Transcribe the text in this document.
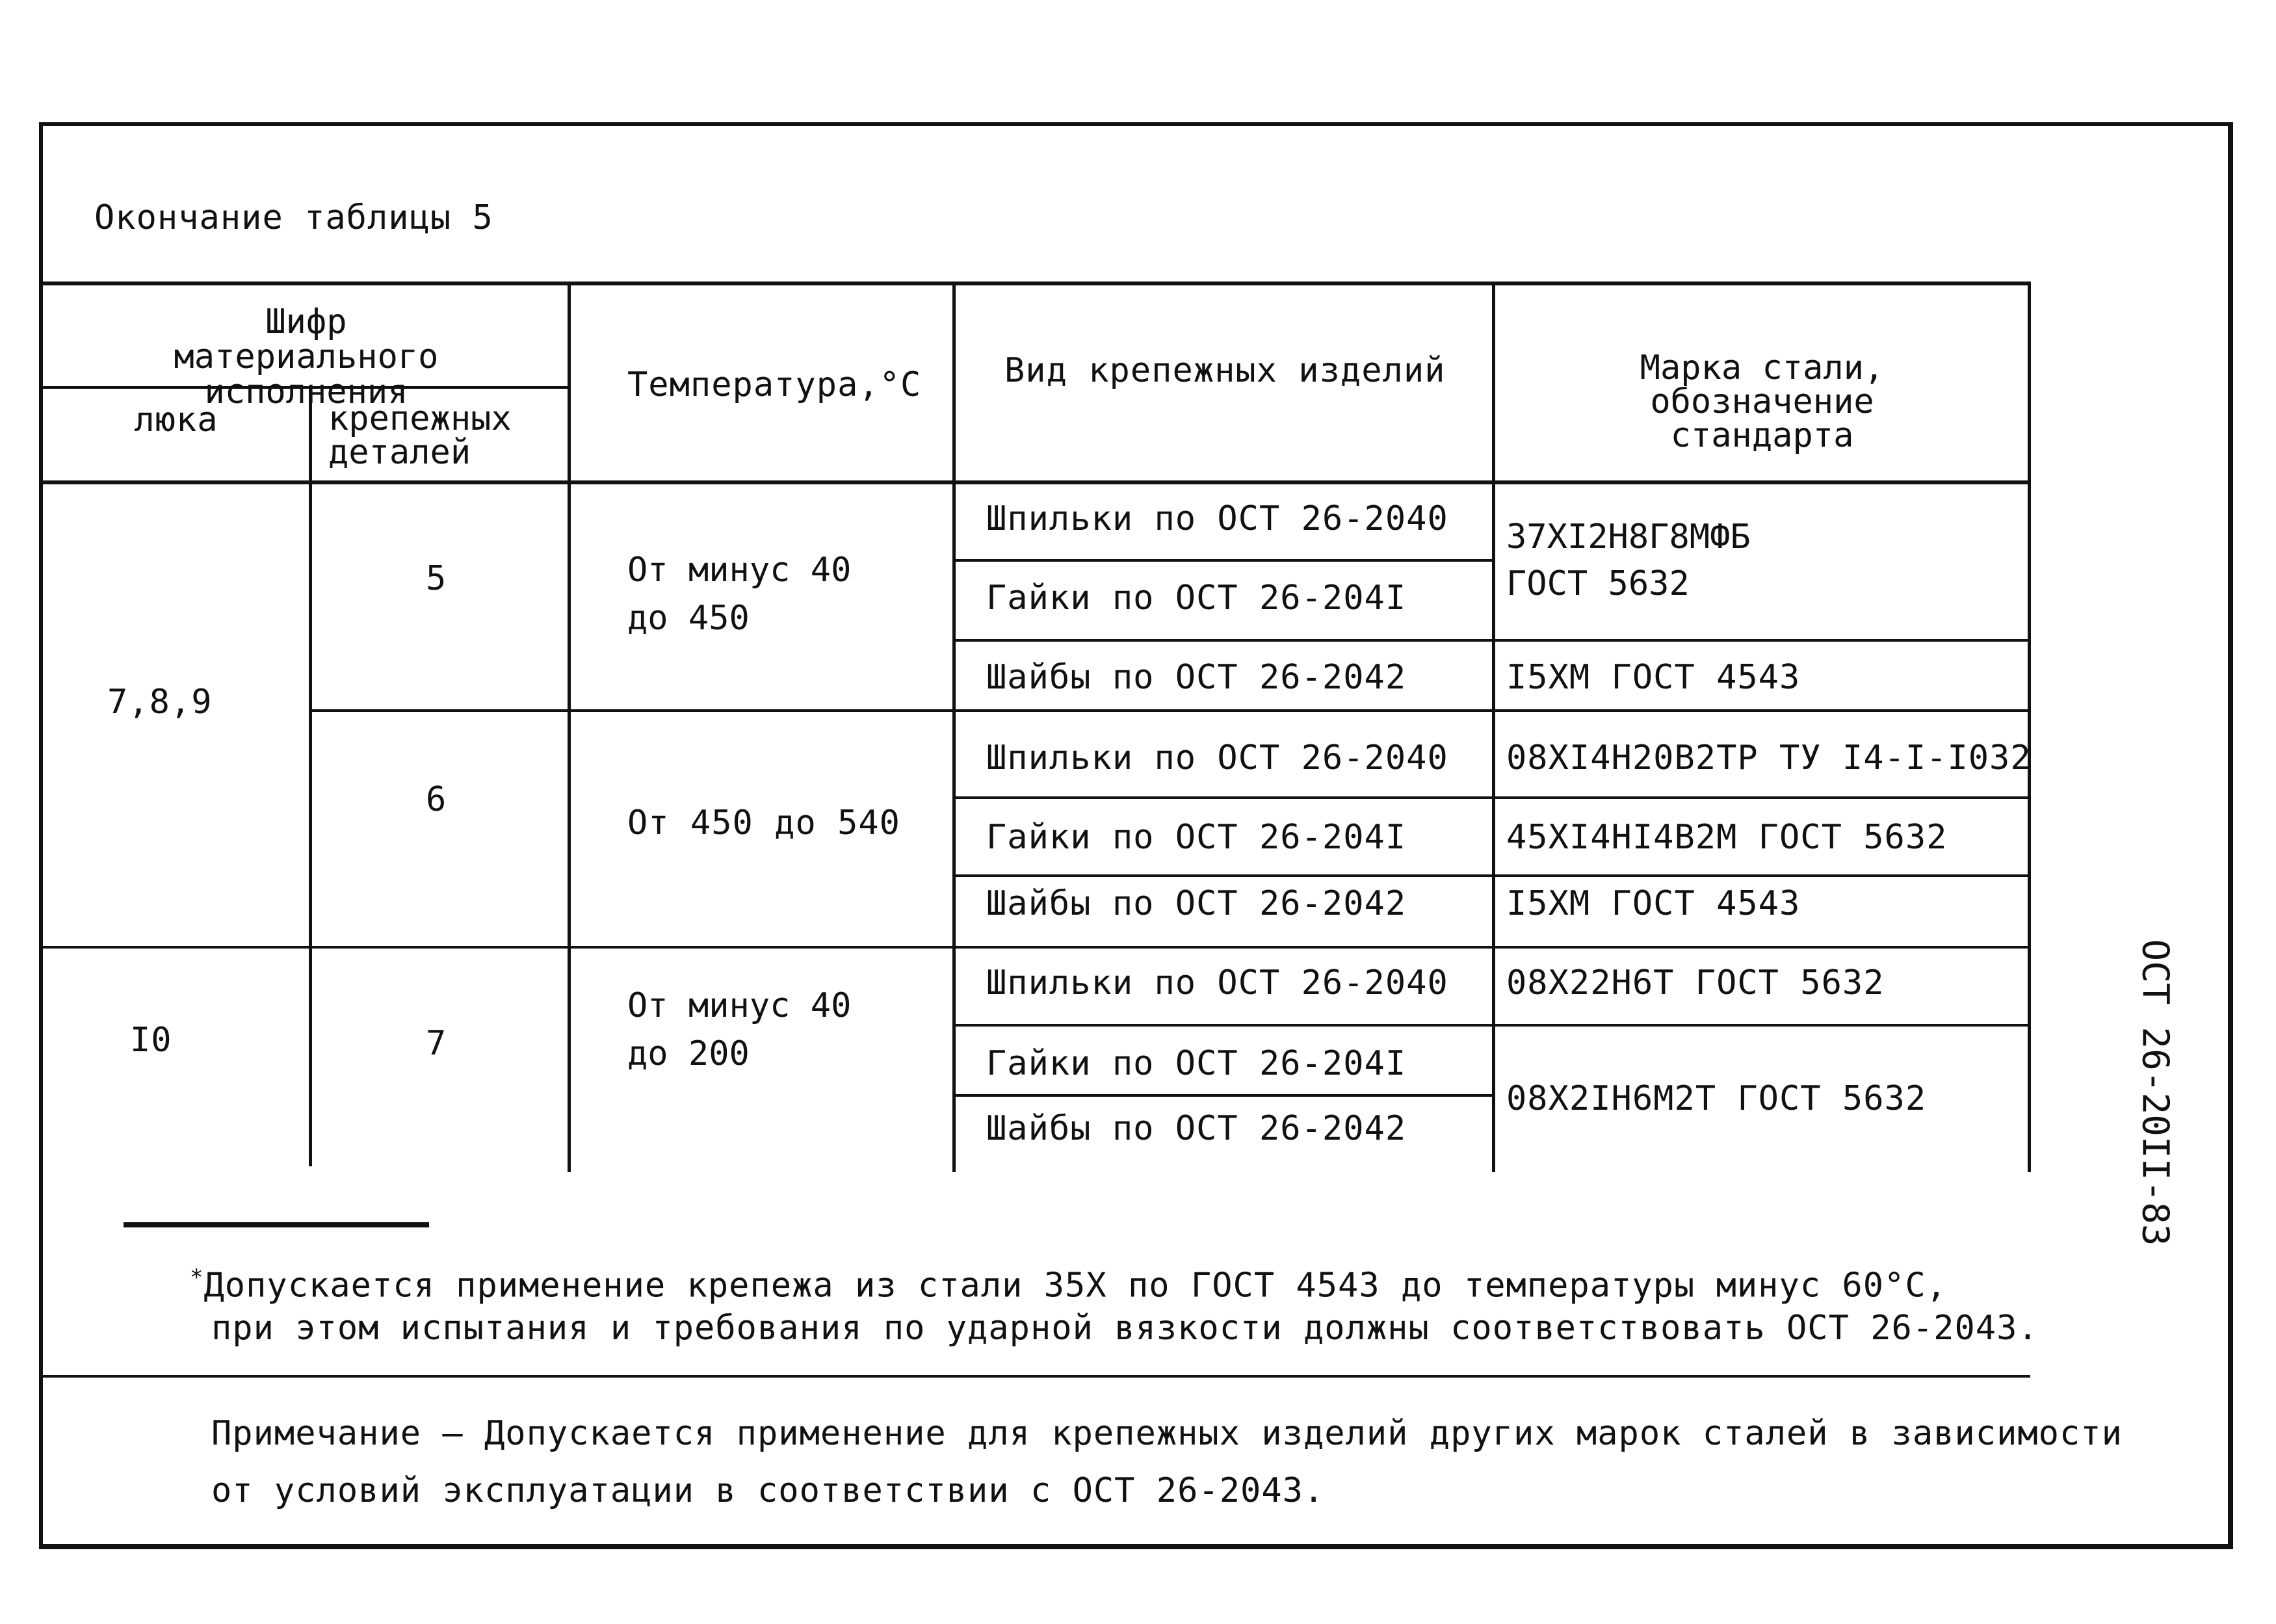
Окончание таблицы 5
Шифр материального исполнения
люка	крепежных деталей
Температура,°C Вид крепежных изделий	Марка стали, обозначение стандарта
7,8,9
I0
5
6
7
От минус 40 до 450
От 450 до 540
От минус 40 до 200
Шпильки по ОСТ 26-2040
Гайки по ОСТ 26-204I
Шайбы по ОСТ 26-2042
Шпильки по ОСТ 26-2040
Гайки по ОСТ 26-204I
Шайбы по ОСТ 26-2042
Шпильки по ОСТ 26-2040
Гайки по ОСТ 26-204I
Шайбы по ОСТ 26-2042
37XI2H8Г8МФБ ГОСТ 5632
I5XM ГОСТ 4543
08XI4H20B2TP ТУ I4-I-I032
45XI4HI4B2M ГОСТ 5632
I5XM ГОСТ 4543
08X22H6T ГОСТ 5632
08X2IH6M2T ГОСТ 5632
*Допускается применение крепежа из стали 35Х по ГОСТ 4543 до температуры минус 60°С,
при этом испытания и требования по ударной вязкости должны соответствовать ОСТ 26-2043.
Примечание – Допускается применение для крепежных изделий других марок сталей в зависимости
от условий эксплуатации в соответствии с ОСТ 26-2043.
ОСТ 26-20II-83
